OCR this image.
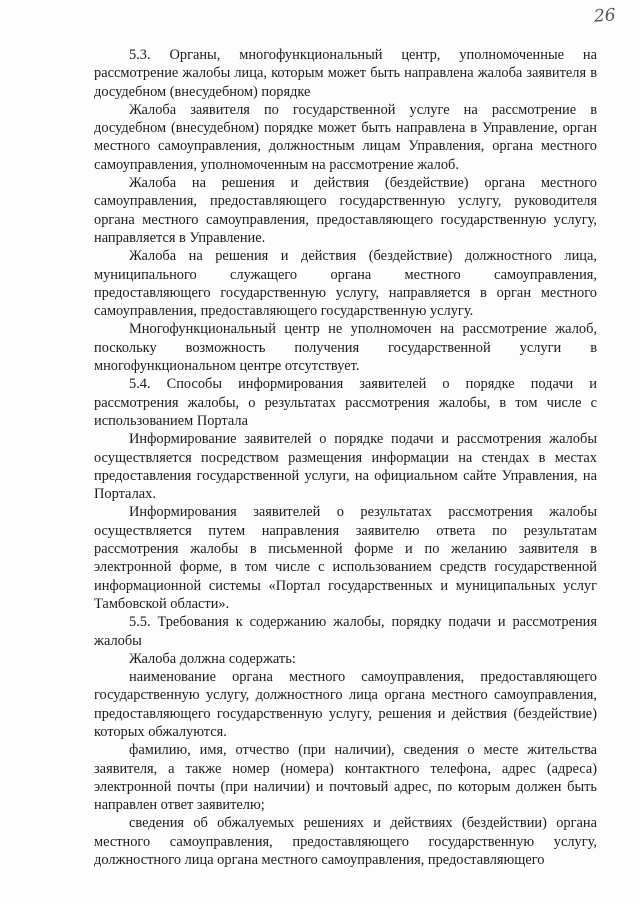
26

5.3. Органы, многофункциональный центр, уполномоченные на рассмотрение жалобы лица, которым может быть направлена жалоба заявителя в досудебном (внесудебном) порядке

Жалоба заявителя по государственной услуге на рассмотрение в досудебном (внесудебном) порядке может быть направлена в Управление, орган местного самоуправления, должностным лицам Управления, органа местного самоуправления, уполномоченным на рассмотрение жалоб.

Жалоба на решения и действия (бездействие) органа местного самоуправления, предоставляющего государственную услугу, руководителя органа местного самоуправления, предоставляющего государственную услугу, направляется в Управление.

Жалоба на решения и действия (бездействие) должностного лица, муниципального служащего органа местного самоуправления, предоставляющего государственную услугу, направляется в орган местного самоуправления, предоставляющего государственную услугу.

Многофункциональный центр не уполномочен на рассмотрение жалоб, поскольку возможность получения государственной услуги в многофункциональном центре отсутствует.

5.4. Способы информирования заявителей о порядке подачи и рассмотрения жалобы, о результатах рассмотрения жалобы, в том числе с использованием Портала

Информирование заявителей о порядке подачи и рассмотрения жалобы осуществляется посредством размещения информации на стендах в местах предоставления государственной услуги, на официальном сайте Управления, на Порталах.

Информирования заявителей о результатах рассмотрения жалобы осуществляется путем направления заявителю ответа по результатам рассмотрения жалобы в письменной форме и по желанию заявителя в электронной форме, в том числе с использованием средств государственной информационной системы «Портал государственных и муниципальных услуг Тамбовской области».

5.5. Требования к содержанию жалобы, порядку подачи и рассмотрения жалобы

Жалоба должна содержать:

наименование органа местного самоуправления, предоставляющего государственную услугу, должностного лица органа местного самоуправления, предоставляющего государственную услугу, решения и действия (бездействие) которых обжалуются.

фамилию, имя, отчество (при наличии), сведения о месте жительства заявителя, а также номер (номера) контактного телефона, адрес (адреса) электронной почты (при наличии) и почтовый адрес, по которым должен быть направлен ответ заявителю;

сведения об обжалуемых решениях и действиях (бездействии) органа местного самоуправления, предоставляющего государственную услугу, должностного лица органа местного самоуправления, предоставляющего
